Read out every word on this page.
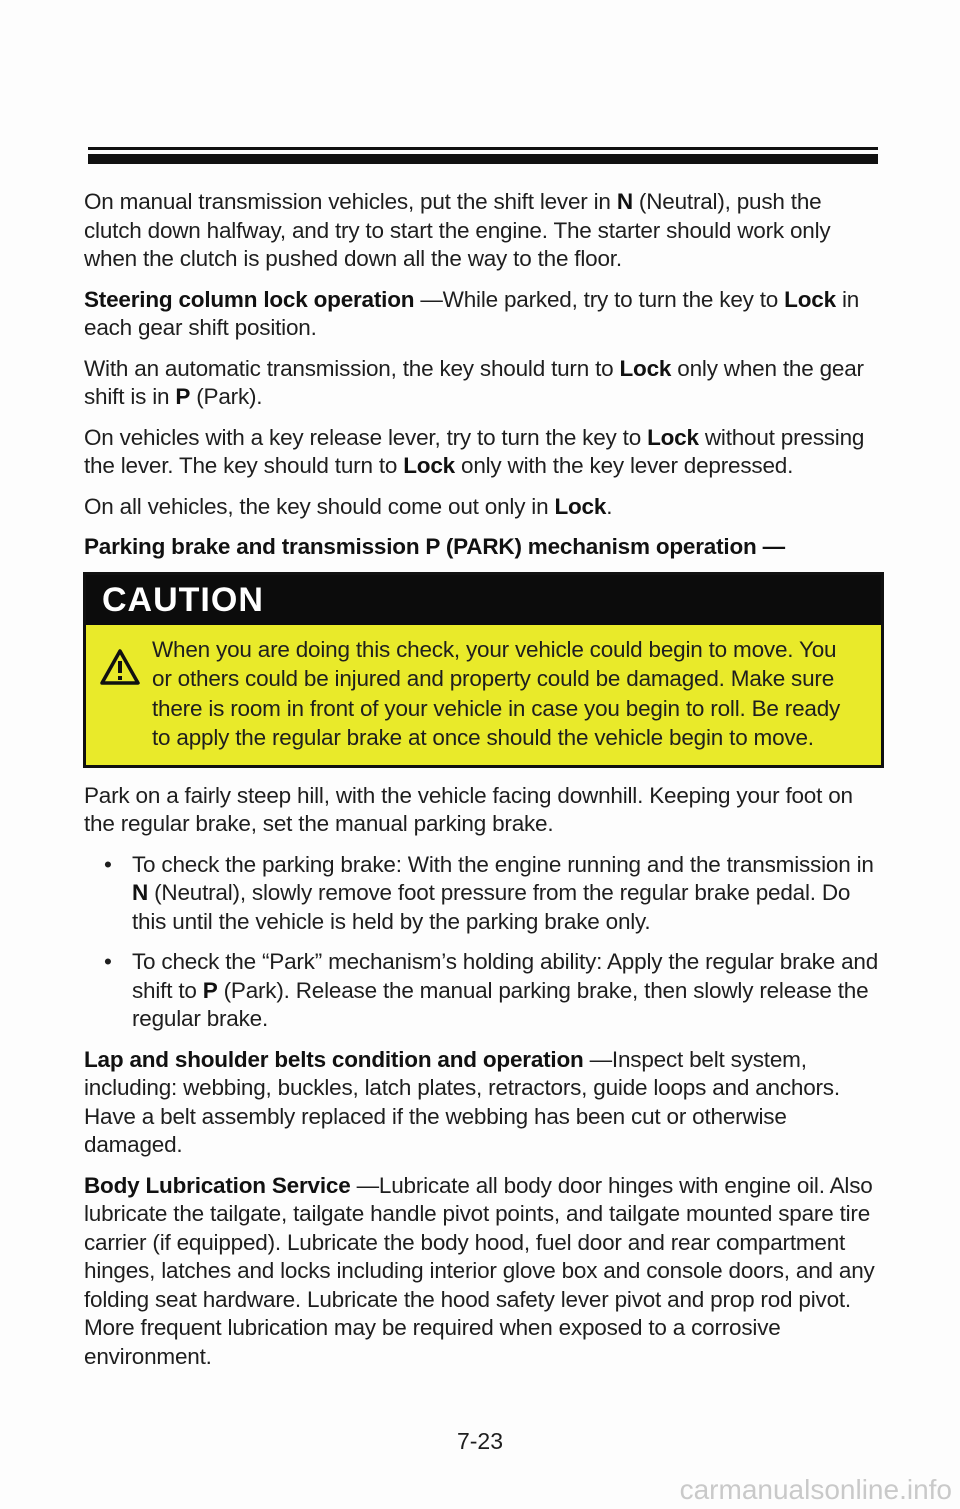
On manual transmission vehicles, put the shift lever in N (Neutral), push the clutch down halfway, and try to start the engine. The starter should work only when the clutch is pushed down all the way to the floor.

Steering column lock operation —While parked, try to turn the key to Lock in each gear shift position.

With an automatic transmission, the key should turn to Lock only when the gear shift is in P (Park).

On vehicles with a key release lever, try to turn the key to Lock without pressing the lever. The key should turn to Lock only with the key lever depressed.

On all vehicles, the key should come out only in Lock.

Parking brake and transmission P (PARK) mechanism operation —

CAUTION
When you are doing this check, your vehicle could begin to move. You or others could be injured and property could be damaged. Make sure there is room in front of your vehicle in case you begin to roll. Be ready to apply the regular brake at once should the vehicle begin to move.

Park on a fairly steep hill, with the vehicle facing downhill. Keeping your foot on the regular brake, set the manual parking brake.

• To check the parking brake: With the engine running and the transmission in N (Neutral), slowly remove foot pressure from the regular brake pedal. Do this until the vehicle is held by the parking brake only.
• To check the “Park” mechanism’s holding ability: Apply the regular brake and shift to P (Park). Release the manual parking brake, then slowly release the regular brake.

Lap and shoulder belts condition and operation —Inspect belt system, including: webbing, buckles, latch plates, retractors, guide loops and anchors. Have a belt assembly replaced if the webbing has been cut or otherwise damaged.

Body Lubrication Service —Lubricate all body door hinges with engine oil. Also lubricate the tailgate, tailgate handle pivot points, and tailgate mounted spare tire carrier (if equipped). Lubricate the body hood, fuel door and rear compartment hinges, latches and locks including interior glove box and console doors, and any folding seat hardware. Lubricate the hood safety lever pivot and prop rod pivot. More frequent lubrication may be required when exposed to a corrosive environment.

7-23
carmanualsonline.info
